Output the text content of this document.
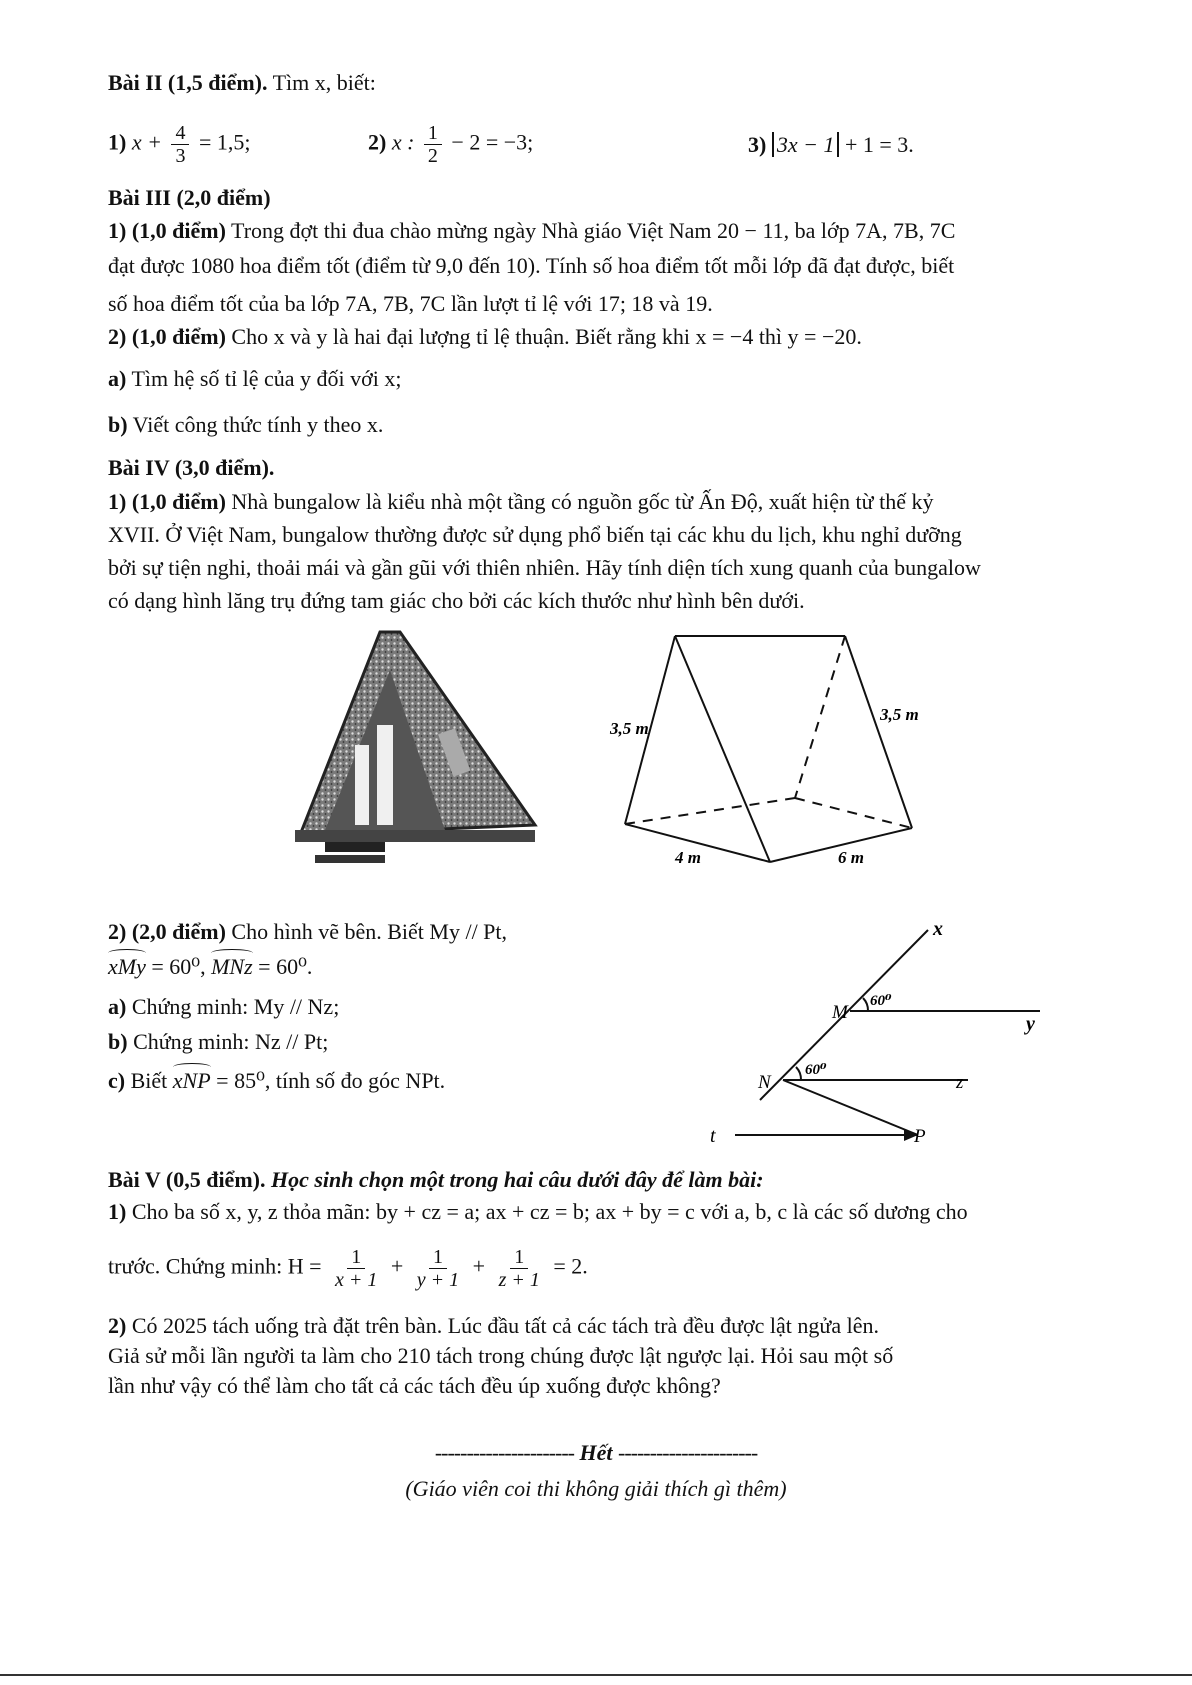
Bài II (1,5 điểm). Tìm x, biết:
1) $x + \frac{4}{3} = 1,5$;	2) x : $\frac{1}{2} - 2 = -3$;	3) 3x − 1 + 1 = 3.
Bài III (2,0 điểm)
1) (1,0 điểm) Trong đợt thi đua chào mừng ngày Nhà giáo Việt Nam 20 − 11, ba lớp 7A, 7B, 7C
đạt được 1080 hoa điểm tốt (điểm từ 9,0 đến 10). Tính số hoa điểm tốt mỗi lớp đã đạt được, biết
số hoa điểm tốt của ba lớp 7A, 7B, 7C lần lượt tỉ lệ với 17; 18 và 19.
2) (1,0 điểm) Cho x và y là hai đại lượng tỉ lệ thuận. Biết rằng khi x = −4 thì y = −20.
a) Tìm hệ số tỉ lệ của y đối với x;
b) Viết công thức tính y theo x.
Bài IV (3,0 điểm).
1) (1,0 điểm) Nhà bungalow là kiểu nhà một tầng có nguồn gốc từ Ấn Độ, xuất hiện từ thế kỷ
XVII. Ở Việt Nam, bungalow thường được sử dụng phổ biến tại các khu du lịch, khu nghỉ dưỡng
bởi sự tiện nghi, thoải mái và gần gũi với thiên nhiên. Hãy tính diện tích xung quanh của bungalow
có dạng hình lăng trụ đứng tam giác cho bởi các kích thước như hình bên dưới.
3,5 m
3,5 m
4 m	6 m
2) (2,0 điểm) Cho hình vẽ bên. Biết My // Pt,
xMy = 60⁰, MNz = 60⁰.
a) Chứng minh: My // Nz;
b) Chứng minh: Nz // Pt;
c) Biết xNP = 85⁰, tính số đo góc NPt.
x
M
60⁰
y
N
60⁰
z
t	P
Bài V (0,5 điểm). Học sinh chọn một trong hai câu dưới đây để làm bài:
1) Cho ba số x, y, z thỏa mãn: by + cz = a; ax + cz = b; ax + by = c với a, b, c là các số dương cho
trước. Chứng minh: $H = \frac{1}{x + 1} + \frac{1}{y + 1} + \frac{1}{z + 1} = 2$.
2) Có 2025 tách uống trà đặt trên bàn. Lúc đầu tất cả các tách trà đều được lật ngửa lên.
Giả sử mỗi lần người ta làm cho 210 tách trong chúng được lật ngược lại. Hỏi sau một số
lần như vậy có thể làm cho tất cả các tách đều úp xuống được không?
---------------------- Hết ----------------------
(Giáo viên coi thi không giải thích gì thêm)
